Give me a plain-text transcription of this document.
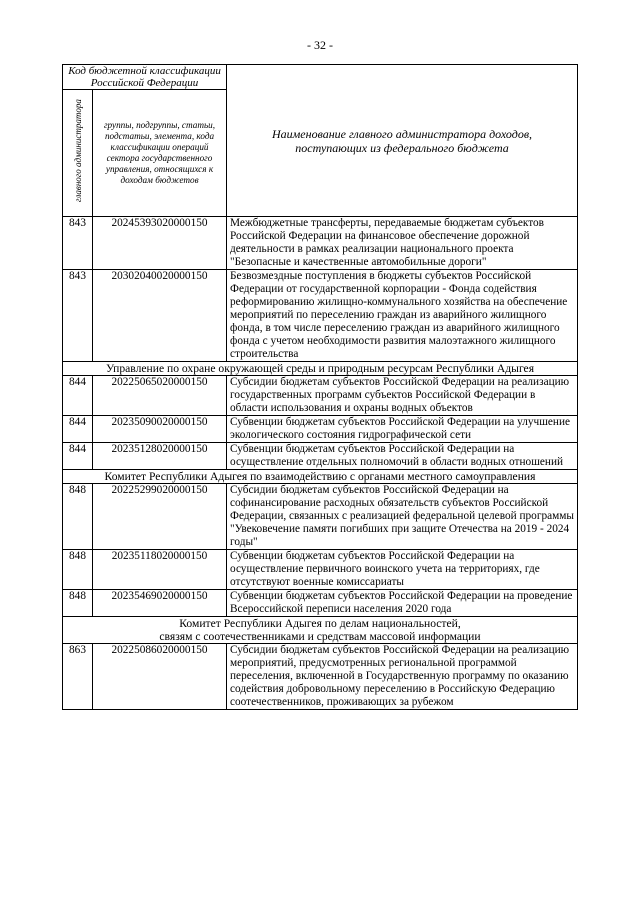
- 32 -
Код бюджетной классификации Российской Федерации		Наименование главного администратора доходов, поступающих из федерального бюджета
главного администратора	группы, подгруппы, статьи, подстатьи, элемента, кода классификации операций сектора государственного управления, относящихся к доходам бюджетов	
843	20245393020000150	Межбюджетные трансферты, передаваемые бюджетам субъектов Российской Федерации на финансовое обеспечение дорожной деятельности в рамках реализации национального проекта "Безопасные и качественные автомобильные дороги"
843	20302040020000150	Безвозмездные поступления в бюджеты субъектов Российской Федерации от государственной корпорации - Фонда содействия реформированию жилищно-коммунального хозяйства на обеспечение мероприятий по переселению граждан из аварийного жилищного фонда, в том числе переселению граждан из аварийного жилищного фонда с учетом необходимости развития малоэтажного жилищного строительства
Управление по охране окружающей среды и природным ресурсам Республики Адыгея		
844	20225065020000150	Субсидии бюджетам субъектов Российской Федерации на реализацию государственных программ субъектов Российской Федерации в области использования и охраны водных объектов
844	20235090020000150	Субвенции бюджетам субъектов Российской Федерации на улучшение экологического состояния гидрографической сети
844	20235128020000150	Субвенции бюджетам субъектов Российской Федерации на осуществление отдельных полномочий в области водных отношений
Комитет Республики Адыгея по взаимодействию с органами местного самоуправления		
848	20225299020000150	Субсидии бюджетам субъектов Российской Федерации на софинансирование расходных обязательств субъектов Российской Федерации, связанных с реализацией федеральной целевой программы "Увековечение памяти погибших при защите Отечества на 2019 - 2024 годы"
848	20235118020000150	Субвенции бюджетам субъектов Российской Федерации на осуществление первичного воинского учета на территориях, где отсутствуют военные комиссариаты
848	20235469020000150	Субвенции бюджетам субъектов Российской Федерации на проведение Всероссийской переписи населения 2020 года
Комитет Республики Адыгея по делам национальностей,
связям с соотечественниками и средствам массовой информации		
863	20225086020000150	Субсидии бюджетам субъектов Российской Федерации на реализацию мероприятий, предусмотренных региональной программой переселения, включенной в Государственную программу по оказанию содействия добровольному переселению в Российскую Федерацию соотечественников, проживающих за рубежом
